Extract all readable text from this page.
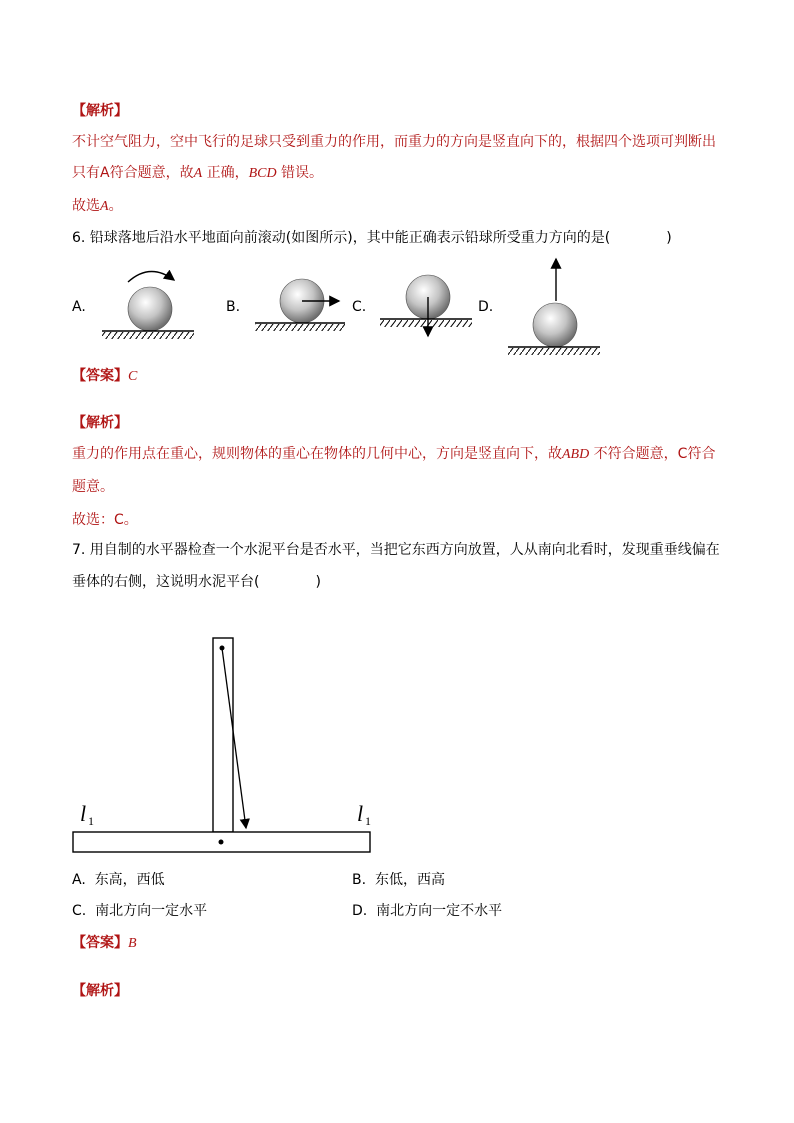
【解析】
不计空气阻力，空中飞行的足球只受到重力的作用，而重力的方向是竖直向下的，根据四个选项可判断出
只有A符合题意，故A 正确，BCD 错误。
故选A。
6. 铅球落地后沿水平地面向前滚动(如图所示)，其中能正确表示铅球所受重力方向的是(　　　　)
A.	B.	C.	D.
【答案】C
【解析】
重力的作用点在重心，规则物体的重心在物体的几何中心，方向是竖直向下，故ABD 不符合题意，C符合
题意。
故选：C。
7. 用自制的水平器检查一个水泥平台是否水平，当把它东西方向放置，人从南向北看时，发现重垂线偏在
垂体的右侧，这说明水泥平台(　　　　)
l 1	l 1
A. 东高，西低	B. 东低，西高
C. 南北方向一定水平	D. 南北方向一定不水平
【答案】B
【解析】
